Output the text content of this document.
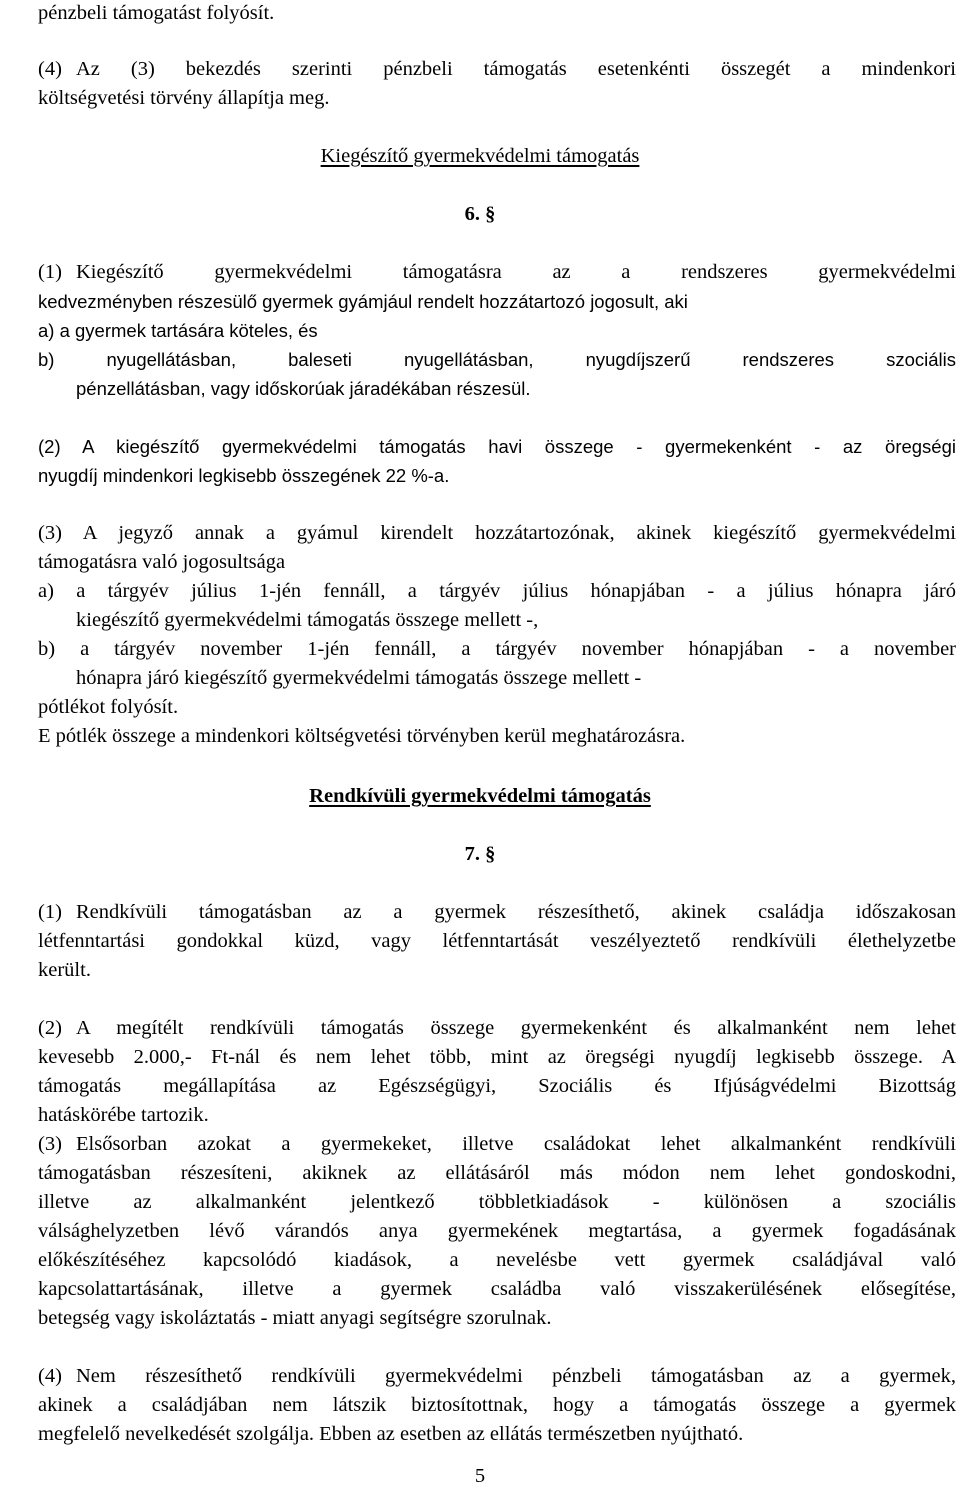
pénzbeli támogatást folyósít.
(4) Az (3) bekezdés szerinti pénzbeli támogatás esetenkénti összegét a mindenkori
költségvetési törvény állapítja meg.
Kiegészítő gyermekvédelmi támogatás
6. §
(1) Kiegészítő gyermekvédelmi támogatásra az a rendszeres gyermekvédelmi
kedvezményben részesülő gyermek gyámjául rendelt hozzátartozó jogosult, aki
a) a gyermek tartására köteles, és
b) nyugellátásban, baleseti nyugellátásban, nyugdíjszerű rendszeres szociális
pénzellátásban, vagy időskorúak járadékában részesül.
(2) A kiegészítő gyermekvédelmi támogatás havi összege - gyermekenként - az öregségi
nyugdíj mindenkori legkisebb összegének 22 %-a.
(3) A jegyző annak a gyámul kirendelt hozzátartozónak, akinek kiegészítő gyermekvédelmi
támogatásra való jogosultsága
a) a tárgyév július 1-jén fennáll, a tárgyév július hónapjában - a július hónapra járó
kiegészítő gyermekvédelmi támogatás összege mellett -,
b) a tárgyév november 1-jén fennáll, a tárgyév november hónapjában - a november
hónapra járó kiegészítő gyermekvédelmi támogatás összege mellett -
pótlékot folyósít.
E pótlék összege a mindenkori költségvetési törvényben kerül meghatározásra.
Rendkívüli gyermekvédelmi támogatás
7. §
(1) Rendkívüli támogatásban az a gyermek részesíthető, akinek családja időszakosan
létfenntartási gondokkal küzd, vagy létfenntartását veszélyeztető rendkívüli élethelyzetbe
került.
(2) A megítélt rendkívüli támogatás összege gyermekenként és alkalmanként nem lehet
kevesebb 2.000,- Ft-nál és nem lehet több, mint az öregségi nyugdíj legkisebb összege. A
támogatás megállapítása az Egészségügyi, Szociális és Ifjúságvédelmi Bizottság
hatáskörébe tartozik.
(3) Elsősorban azokat a gyermekeket, illetve családokat lehet alkalmanként rendkívüli
támogatásban részesíteni, akiknek az ellátásáról más módon nem lehet gondoskodni,
illetve az alkalmanként jelentkező többletkiadások - különösen a szociális
válsághelyzetben lévő várandós anya gyermekének megtartása, a gyermek fogadásának
előkészítéséhez kapcsolódó kiadások, a nevelésbe vett gyermek családjával való
kapcsolattartásának, illetve a gyermek családba való visszakerülésének elősegítése,
betegség vagy iskoláztatás - miatt anyagi segítségre szorulnak.
(4) Nem részesíthető rendkívüli gyermekvédelmi pénzbeli támogatásban az a gyermek,
akinek a családjában nem látszik biztosítottnak, hogy a támogatás összege a gyermek
megfelelő nevelkedését szolgálja. Ebben az esetben az ellátás természetben nyújtható.
5
